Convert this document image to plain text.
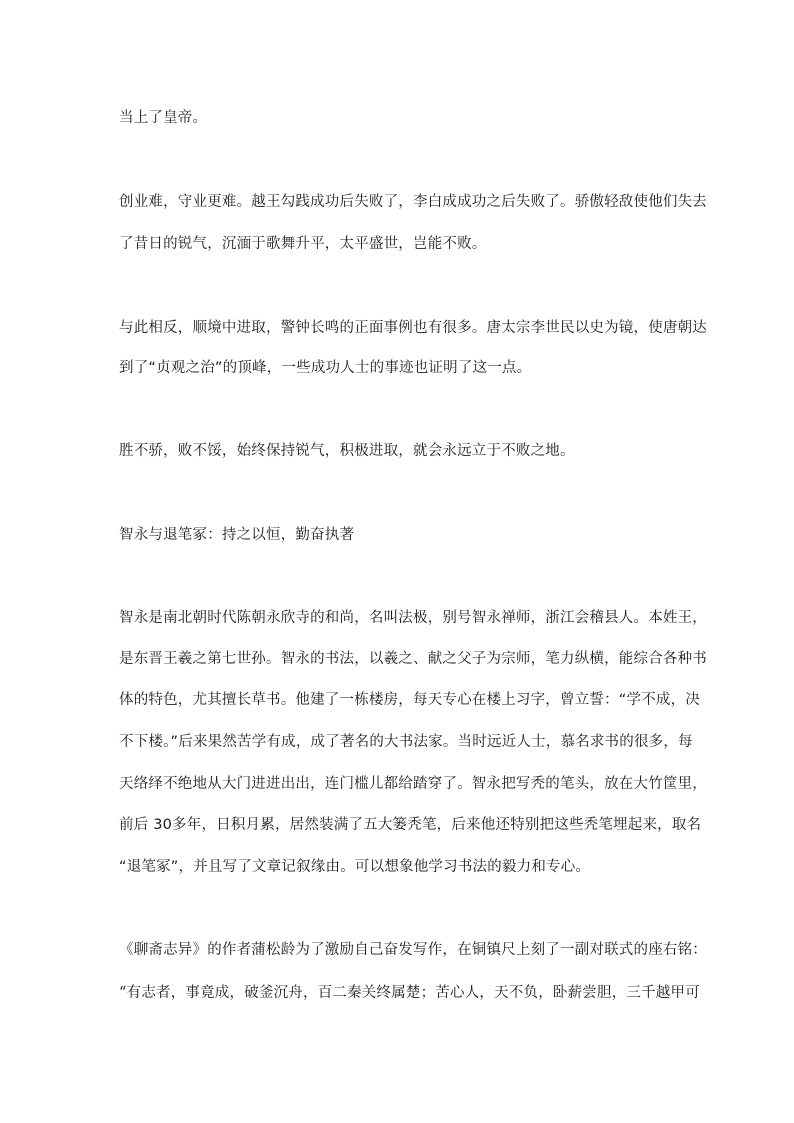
当上了皇帝。
创业难，守业更难。越王勾践成功后失败了，李白成成功之后失败了。骄傲轻敌使他们失去
了昔日的锐气，沉湎于歌舞升平，太平盛世，岂能不败。
与此相反，顺境中进取，警钟长鸣的正面事例也有很多。唐太宗李世民以史为镜，使唐朝达
到了“贞观之治”的顶峰，一些成功人士的事迹也证明了这一点。
胜不骄，败不馁，始终保持锐气，积极进取，就会永远立于不败之地。
智永与退笔冢：持之以恒，勤奋执著
智永是南北朝时代陈朝永欣寺的和尚，名叫法极，别号智永禅师，浙江会稽县人。本姓王，
是东晋王羲之第七世孙。智永的书法，以羲之、献之父子为宗师，笔力纵横，能综合各种书
体的特色，尤其擅长草书。他建了一栋楼房，每天专心在楼上习字，曾立誓：“学不成，决
不下楼。”后来果然苦学有成，成了著名的大书法家。当时远近人士，慕名求书的很多，每
天络绎不绝地从大门进进出出，连门槛儿都给踏穿了。智永把写秃的笔头，放在大竹筐里，
前后 30多年，日积月累，居然装满了五大篓秃笔，后来他还特别把这些秃笔埋起来，取名
“退笔冢”，并且写了文章记叙缘由。可以想象他学习书法的毅力和专心。
《聊斋志异》的作者蒲松龄为了激励自己奋发写作，在铜镇尺上刻了一副对联式的座右铭：
“有志者，事竟成，破釜沉舟，百二秦关终属楚；苦心人，天不负，卧薪尝胆，三千越甲可
